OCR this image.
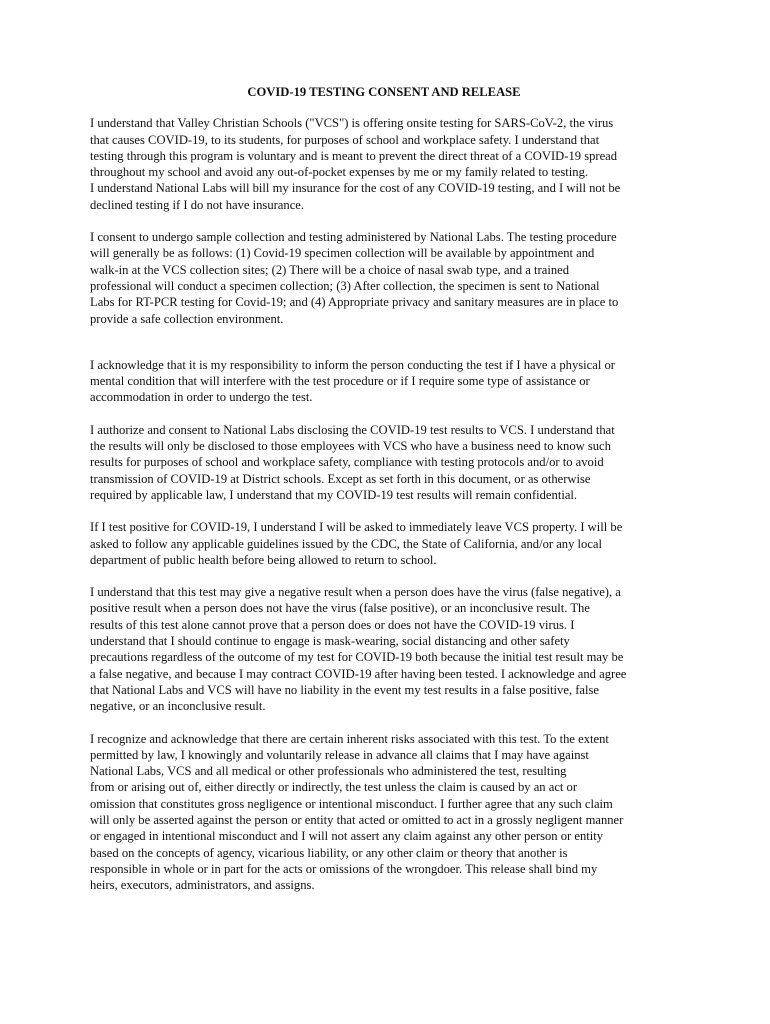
COVID-19 TESTING CONSENT AND RELEASE
I understand that Valley Christian Schools ("VCS") is offering onsite testing for SARS-CoV-2, the virus
that causes COVID-19, to its students, for purposes of school and workplace safety. I understand that
testing through this program is voluntary and is meant to prevent the direct threat of a COVID-19 spread
throughout my school and avoid any out-of-pocket expenses by me or my family related to testing.
I understand National Labs will bill my insurance for the cost of any COVID-19 testing, and I will not be
declined testing if I do not have insurance.
I consent to undergo sample collection and testing administered by National Labs. The testing procedure
will generally be as follows: (1) Covid-19 specimen collection will be available by appointment and
walk-in at the VCS collection sites; (2) There will be a choice of nasal swab type, and a trained
professional will conduct a specimen collection; (3) After collection, the specimen is sent to National
Labs for RT-PCR testing for Covid-19; and (4) Appropriate privacy and sanitary measures are in place to
provide a safe collection environment.
I acknowledge that it is my responsibility to inform the person conducting the test if I have a physical or
mental condition that will interfere with the test procedure or if I require some type of assistance or
accommodation in order to undergo the test.
I authorize and consent to National Labs disclosing the COVID-19 test results to VCS. I understand that
the results will only be disclosed to those employees with VCS who have a business need to know such
results for purposes of school and workplace safety, compliance with testing protocols and/or to avoid
transmission of COVID-19 at District schools. Except as set forth in this document, or as otherwise
required by applicable law, I understand that my COVID-19 test results will remain confidential.
If I test positive for COVID-19, I understand I will be asked to immediately leave VCS property. I will be
asked to follow any applicable guidelines issued by the CDC, the State of California, and/or any local
department of public health before being allowed to return to school.
I understand that this test may give a negative result when a person does have the virus (false negative), a
positive result when a person does not have the virus (false positive), or an inconclusive result. The
results of this test alone cannot prove that a person does or does not have the COVID-19 virus. I
understand that I should continue to engage is mask-wearing, social distancing and other safety
precautions regardless of the outcome of my test for COVID-19 both because the initial test result may be
a false negative, and because I may contract COVID-19 after having been tested. I acknowledge and agree
that National Labs and VCS will have no liability in the event my test results in a false positive, false
negative, or an inconclusive result.
I recognize and acknowledge that there are certain inherent risks associated with this test. To the extent
permitted by law, I knowingly and voluntarily release in advance all claims that I may have against
National Labs, VCS and all medical or other professionals who administered the test, resulting
from or arising out of, either directly or indirectly, the test unless the claim is caused by an act or
omission that constitutes gross negligence or intentional misconduct. I further agree that any such claim
will only be asserted against the person or entity that acted or omitted to act in a grossly negligent manner
or engaged in intentional misconduct and I will not assert any claim against any other person or entity
based on the concepts of agency, vicarious liability, or any other claim or theory that another is
responsible in whole or in part for the acts or omissions of the wrongdoer. This release shall bind my
heirs, executors, administrators, and assigns.
